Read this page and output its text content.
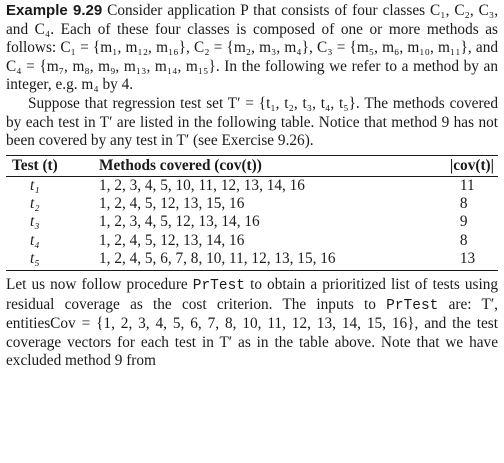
Example 9.29 Consider application P that consists of four classes C₁, C₂, C₃, and C₄. Each of these four classes is composed of one or more methods as follows: C₁ = {m₁, m₁₂, m₁₆}, C₂ = {m₂, m₃, m₄}, C₃ = {m₅, m₆, m₁₀, m₁₁}, and C₄ = {m₇, m₈, m₉, m₁₃, m₁₄, m₁₅}. In the following we refer to a method by an integer, e.g. m₄ by 4.

Suppose that regression test set T′ = {t₁, t₂, t₃, t₄, t₅}. The methods covered by each test in T′ are listed in the following table. Notice that method 9 has not been covered by any test in T′ (see Exercise 9.26).

Test (t)	Methods covered (cov(t))	|cov(t)|
t₁	1, 2, 3, 4, 5, 10, 11, 12, 13, 14, 16	11
t₂	1, 2, 4, 5, 12, 13, 15, 16	8
t₃	1, 2, 3, 4, 5, 12, 13, 14, 16	9
t₄	1, 2, 4, 5, 12, 13, 14, 16	8
t₅	1, 2, 4, 5, 6, 7, 8, 10, 11, 12, 13, 15, 16	13

Let us now follow procedure PrTest to obtain a prioritized list of tests using residual coverage as the cost criterion. The inputs to PrTest are: T′, entitiesCov = {1, 2, 3, 4, 5, 6, 7, 8, 10, 11, 12, 13, 14, 15, 16}, and the test coverage vectors for each test in T′ as in the table above. Note that we have excluded method 9 from
